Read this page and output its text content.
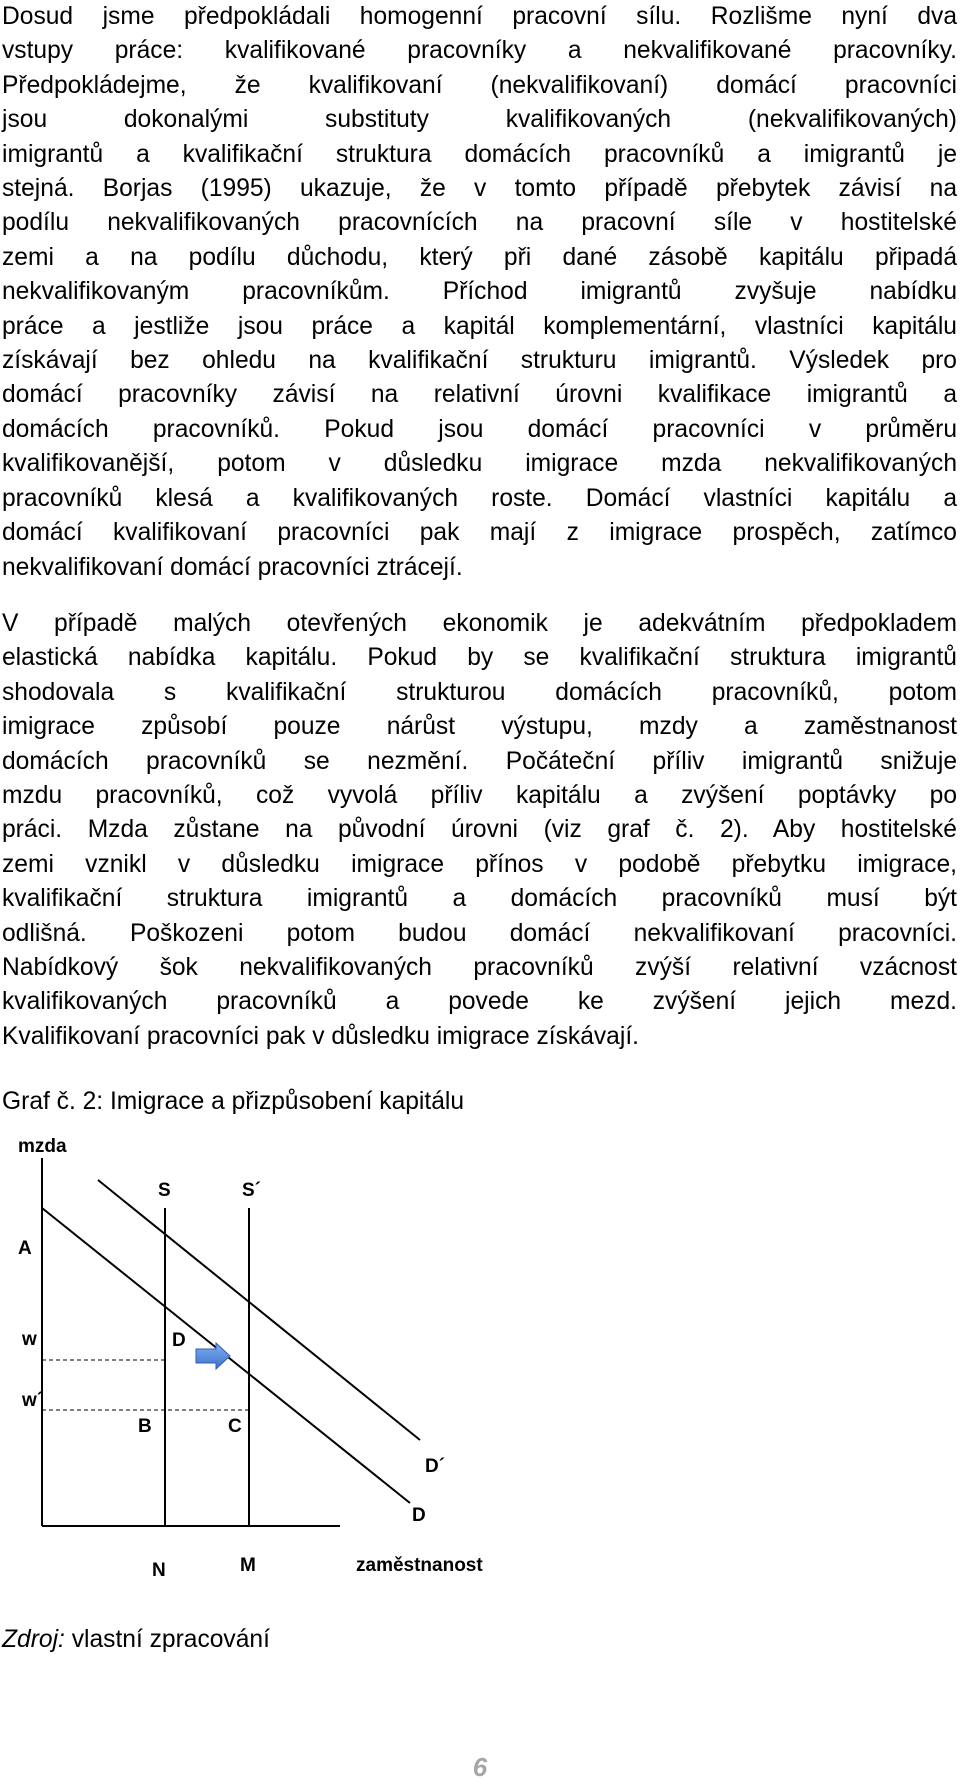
Dosud jsme předpokládali homogenní pracovní sílu. Rozlišme nyní dva
vstupy práce: kvalifikované pracovníky a nekvalifikované pracovníky.
Předpokládejme, že kvalifikovaní (nekvalifikovaní) domácí pracovníci
jsou dokonalými substituty kvalifikovaných (nekvalifikovaných)
imigrantů a kvalifikační struktura domácích pracovníků a imigrantů je
stejná. Borjas (1995) ukazuje, že v tomto případě přebytek závisí na
podílu nekvalifikovaných pracovnících na pracovní síle v hostitelské
zemi a na podílu důchodu, který při dané zásobě kapitálu připadá
nekvalifikovaným pracovníkům. Příchod imigrantů zvyšuje nabídku
práce a jestliže jsou práce a kapitál komplementární, vlastníci kapitálu
získávají bez ohledu na kvalifikační strukturu imigrantů. Výsledek pro
domácí pracovníky závisí na relativní úrovni kvalifikace imigrantů a
domácích pracovníků. Pokud jsou domácí pracovníci v průměru
kvalifikovanější, potom v důsledku imigrace mzda nekvalifikovaných
pracovníků klesá a kvalifikovaných roste. Domácí vlastníci kapitálu a
domácí kvalifikovaní pracovníci pak mají z imigrace prospěch, zatímco
nekvalifikovaní domácí pracovníci ztrácejí.
V případě malých otevřených ekonomik je adekvátním předpokladem
elastická nabídka kapitálu. Pokud by se kvalifikační struktura imigrantů
shodovala s kvalifikační strukturou domácích pracovníků, potom
imigrace způsobí pouze nárůst výstupu, mzdy a zaměstnanost
domácích pracovníků se nezmění. Počáteční příliv imigrantů snižuje
mzdu pracovníků, což vyvolá příliv kapitálu a zvýšení poptávky po
práci. Mzda zůstane na původní úrovni (viz graf č. 2). Aby hostitelské
zemi vznikl v důsledku imigrace přínos v podobě přebytku imigrace,
kvalifikační struktura imigrantů a domácích pracovníků musí být
odlišná. Poškozeni potom budou domácí nekvalifikovaní pracovníci.
Nabídkový šok nekvalifikovaných pracovníků zvýší relativní vzácnost
kvalifikovaných pracovníků a povede ke zvýšení jejich mezd.
Kvalifikovaní pracovníci pak v důsledku imigrace získávají.
Graf č. 2: Imigrace a přizpůsobení kapitálu
mzda
S	S´
A
w
w´
D
B	C
D´
D
N	M	zaměstnanost
Zdroj: vlastní zpracování
6
